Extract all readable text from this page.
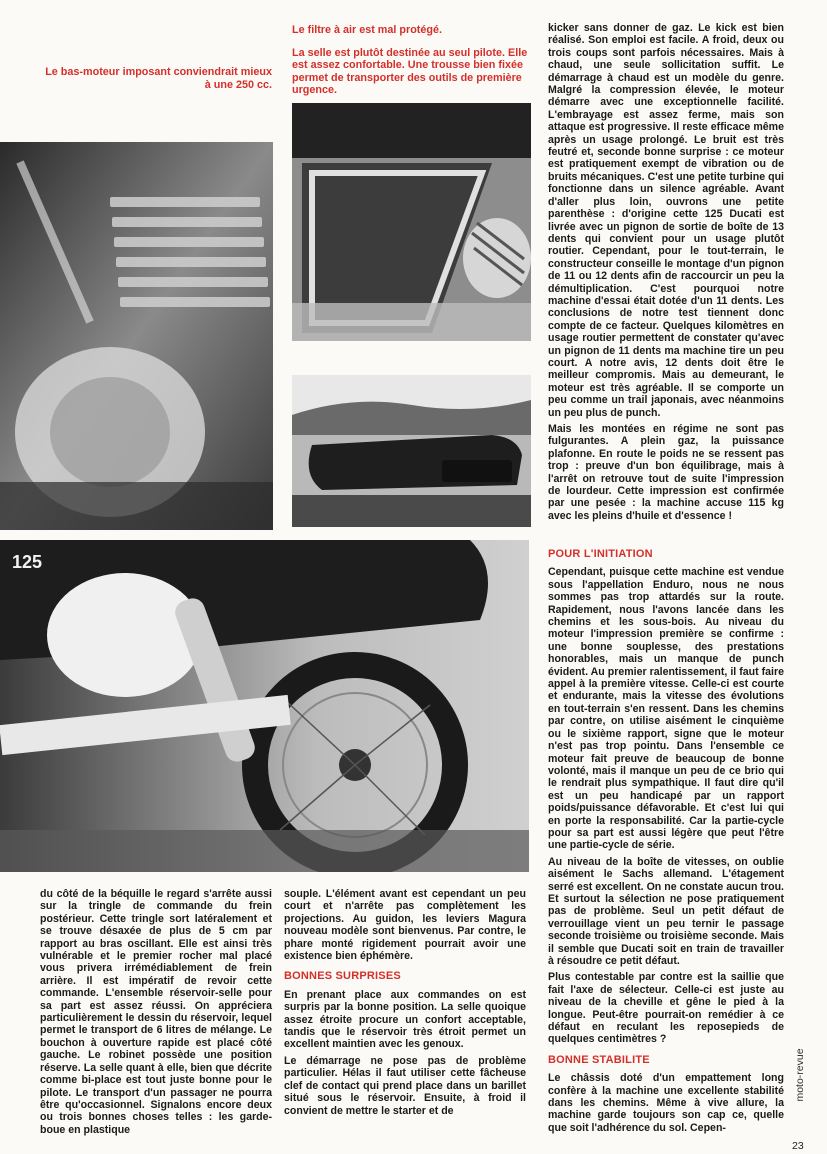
Le bas-moteur imposant conviendrait mieux à une 250 cc.

Le filtre à air est mal protégé.

La selle est plutôt destinée au seul pilote. Elle est assez confortable. Une trousse bien fixée permet de transporter des outils de première urgence.

125

kicker sans donner de gaz. Le kick est bien réalisé. Son emploi est facile. A froid, deux ou trois coups sont parfois nécessaires. Mais à chaud, une seule sollicitation suffit. Le démarrage à chaud est un modèle du genre. Malgré la compression élevée, le moteur démarre avec une exceptionnelle facilité. L'embrayage est assez ferme, mais son attaque est progressive. Il reste efficace même après un usage prolongé. Le bruit est très feutré et, seconde bonne surprise : ce moteur est pratiquement exempt de vibration ou de bruits mécaniques. C'est une petite turbine qui fonctionne dans un silence agréable. Avant d'aller plus loin, ouvrons une petite parenthèse : d'origine cette 125 Ducati est livrée avec un pignon de sortie de boîte de 13 dents qui convient pour un usage plutôt routier. Cependant, pour le tout-terrain, le constructeur conseille le montage d'un pignon de 11 ou 12 dents afin de raccourcir un peu la démultiplication. C'est pourquoi notre machine d'essai était dotée d'un 11 dents. Les conclusions de notre test tiennent donc compte de ce facteur. Quelques kilomètres en usage routier permettent de constater qu'avec un pignon de 11 dents ma machine tire un peu court. A notre avis, 12 dents doit être le meilleur compromis. Mais au demeurant, le moteur est très agréable. Il se comporte un peu comme un trail japonais, avec néanmoins un peu plus de punch.

Mais les montées en régime ne sont pas fulgurantes. A plein gaz, la puissance plafonne. En route le poids ne se ressent pas trop : preuve d'un bon équilibrage, mais à l'arrêt on retrouve tout de suite l'impression de lourdeur. Cette impression est confirmée par une pesée : la machine accuse 115 kg avec les pleins d'huile et d'essence !

POUR L'INITIATION

Cependant, puisque cette machine est vendue sous l'appellation Enduro, nous ne nous sommes pas trop attardés sur la route. Rapidement, nous l'avons lancée dans les chemins et les sous-bois. Au niveau du moteur l'impression première se confirme : une bonne souplesse, des prestations honorables, mais un manque de punch évident. Au premier ralentissement, il faut faire appel à la première vitesse. Celle-ci est courte et endurante, mais la vitesse des évolutions en tout-terrain s'en ressent. Dans les chemins par contre, on utilise aisément le cinquième ou le sixième rapport, signe que le moteur n'est pas trop pointu. Dans l'ensemble ce moteur fait preuve de beaucoup de bonne volonté, mais il manque un peu de ce brio qui le rendrait plus sympathique. Il faut dire qu'il est un peu handicapé par un rapport poids/puissance défavorable. Et c'est lui qui en porte la responsabilité. Car la partie-cycle pour sa part est aussi légère que peut l'être une partie-cycle de série.

Au niveau de la boîte de vitesses, on oublie aisément le Sachs allemand. L'étagement serré est excellent. On ne constate aucun trou. Et surtout la sélection ne pose pratiquement pas de problème. Seul un petit défaut de verrouillage vient un peu ternir le passage seconde troisième ou troisième seconde. Mais il semble que Ducati soit en train de travailler à résoudre ce petit défaut.

Plus contestable par contre est la saillie que fait l'axe de sélecteur. Celle-ci est juste au niveau de la cheville et gêne le pied à la longue. Peut-être pourrait-on remédier à ce défaut en reculant les reposepieds de quelques centimètres ?

BONNE STABILITE

Le châssis doté d'un empattement long confère à la machine une excellente stabilité dans les chemins. Même à vive allure, la machine garde toujours son cap ce, quelle que soit l'adhérence du sol. Cepen-

du côté de la béquille le regard s'arrête aussi sur la tringle de commande du frein postérieur. Cette tringle sort latéralement et se trouve désaxée de plus de 5 cm par rapport au bras oscillant. Elle est ainsi très vulnérable et le premier rocher mal placé vous privera irrémédiablement de frein arrière. Il est impératif de revoir cette commande. L'ensemble réservoir-selle pour sa part est assez réussi. On appréciera particulièrement le dessin du réservoir, lequel permet le transport de 6 litres de mélange. Le bouchon à ouverture rapide est placé côté gauche. Le robinet possède une position réserve. La selle quant à elle, bien que décrite comme bi-place est tout juste bonne pour le pilote. Le transport d'un passager ne pourra être qu'occasionnel. Signalons encore deux ou trois bonnes choses telles : les garde-boue en plastique

souple. L'élément avant est cependant un peu court et n'arrête pas complètement les projections. Au guidon, les leviers Magura nouveau modèle sont bienvenus. Par contre, le phare monté rigidement pourrait avoir une existence bien éphémère.

BONNES SURPRISES

En prenant place aux commandes on est surpris par la bonne position. La selle quoique assez étroite procure un confort acceptable, tandis que le réservoir très étroit permet un excellent maintien avec les genoux.

Le démarrage ne pose pas de problème particulier. Hélas il faut utiliser cette fâcheuse clef de contact qui prend place dans un barillet situé sous le réservoir. Ensuite, à froid il convient de mettre le starter et de

moto-revue
23
